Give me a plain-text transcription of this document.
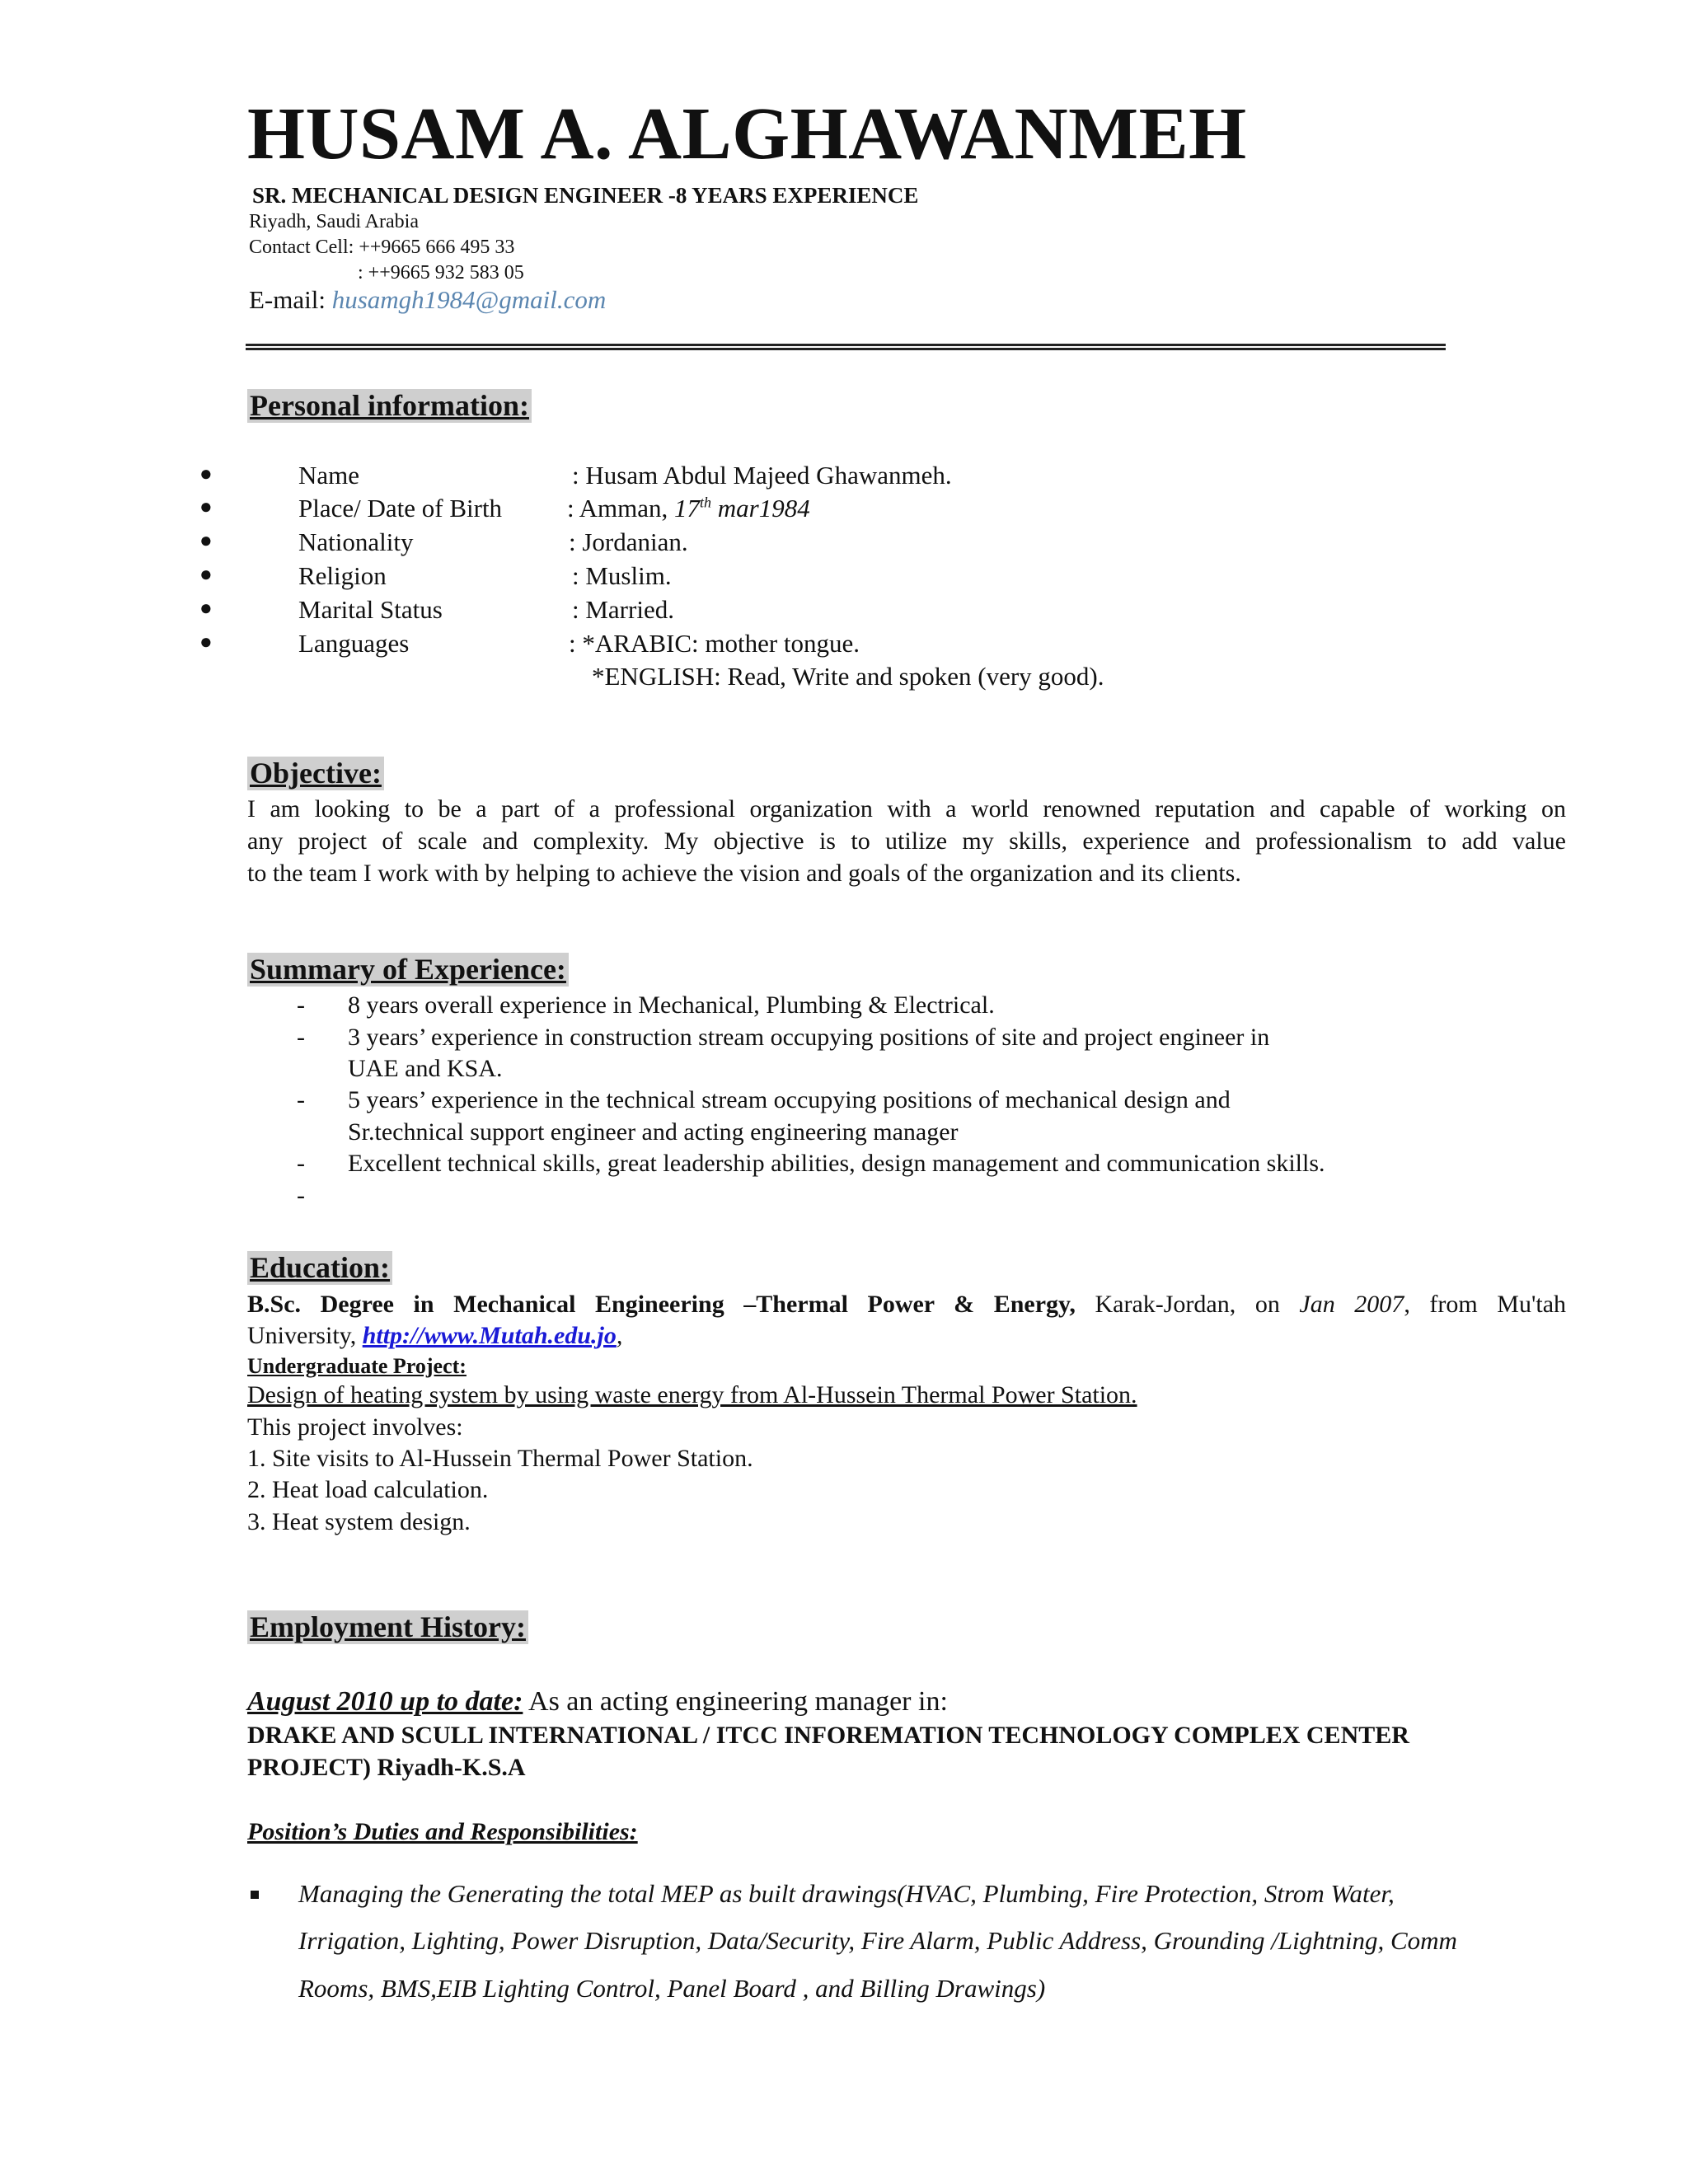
HUSAM A. ALGHAWANMEH
SR. MECHANICAL DESIGN ENGINEER -8 YEARS EXPERIENCE
Riyadh, Saudi Arabia
Contact Cell: ++9665 666 495 33
: ++9665 932 583 05
E-mail: husamgh1984@gmail.com
Personal information:
●	Name	: Husam Abdul Majeed Ghawanmeh.
●	Place/ Date of Birth	: Amman, 17th mar1984
●	Nationality	: Jordanian.
●	Religion	: Muslim.
●	Marital Status	: Married.
●	Languages	: *ARABIC: mother tongue.
*ENGLISH: Read, Write and spoken (very good).
Objective:
I am looking to be a part of a professional organization with a world renowned reputation and capable of working on
any project of scale and complexity. My objective is to utilize my skills, experience and professionalism to add value
to the team I work with by helping to achieve the vision and goals of the organization and its clients.
Summary of Experience:
- 8 years overall experience in Mechanical, Plumbing & Electrical.
- 3 years’ experience in construction stream occupying positions of site and project engineer in
UAE and KSA.
- 5 years’ experience in the technical stream occupying positions of mechanical design and
Sr.technical support engineer and acting engineering manager
- Excellent technical skills, great leadership abilities, design management and communication skills.
-
Education:
B.Sc. Degree in Mechanical Engineering –Thermal Power & Energy, Karak-Jordan, on Jan 2007, from Mu'tah
University, http://www.Mutah.edu.jo,
Undergraduate Project:
Design of heating system by using waste energy from Al-Hussein Thermal Power Station.
This project involves:
1. Site visits to Al-Hussein Thermal Power Station.
2. Heat load calculation.
3. Heat system design.
Employment History:
August 2010 up to date: As an acting engineering manager in:
DRAKE AND SCULL INTERNATIONAL / ITCC INFOREMATION TECHNOLOGY COMPLEX CENTER
PROJECT) Riyadh-K.S.A
Position’s Duties and Responsibilities:
Managing the Generating the total MEP as built drawings(HVAC, Plumbing, Fire Protection, Strom Water,
Irrigation, Lighting, Power Disruption, Data/Security, Fire Alarm, Public Address, Grounding /Lightning, Comm
Rooms, BMS,EIB Lighting Control, Panel Board , and Billing Drawings)
